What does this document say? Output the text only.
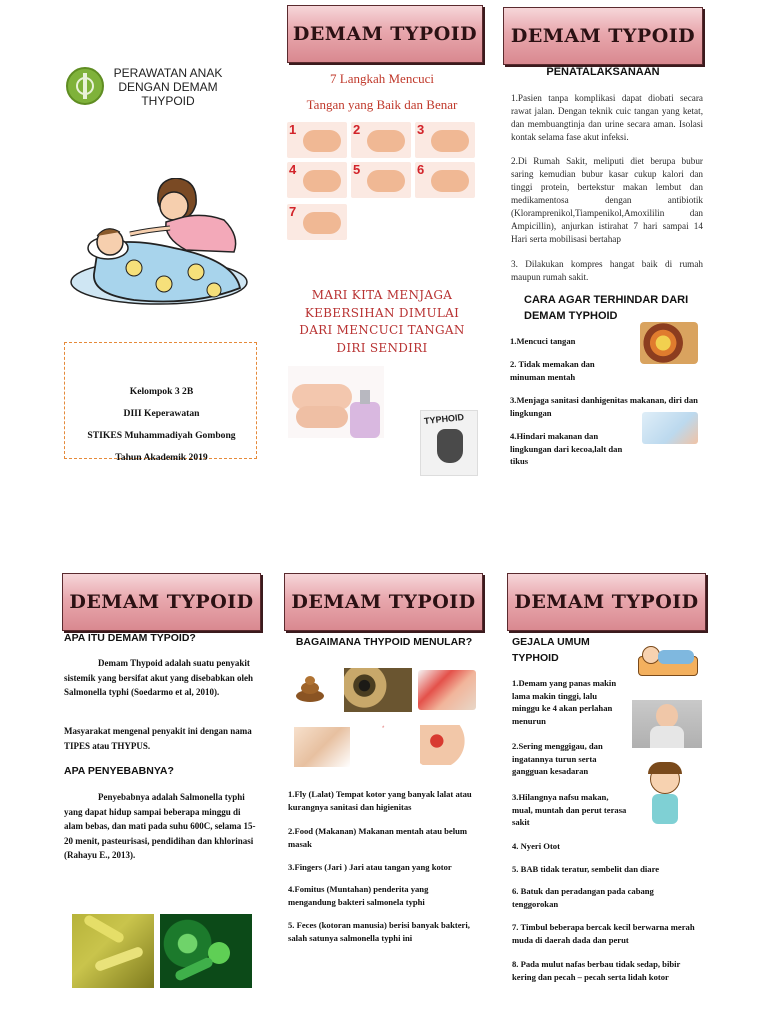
DEMAM TYPOID DEMAM TYPOID
PERAWATAN ANAK
DENGAN DEMAM
THYPOID
Kelompok 3 2B
DIII Keperawatan
STIKES Muhammadiyah Gombong
Tahun Akademik 2019
7 Langkah Mencuci
Tangan yang Baik dan Benar
1	2	3
4	5	6
7
MARI KITA MENJAGA
KEBERSIHAN DIMULAI
DARI MENCUCI TANGAN
DIRI SENDIRI
TYPHOID
PENATALAKSANAAN
1.Pasien tanpa komplikasi dapat diobati secara rawat jalan. Dengan teknik cuic tangan yang ketat, dan membuangtinja dan urine secara aman. Isolasi kontak selama fase akut infeksi.
2.Di Rumah Sakit, meliputi diet berupa bubur saring kemudian bubur kasar cukup kalori dan tinggi protein, bertekstur makan lembut dan medikamentosa dengan antibiotik (Kloramprenikol,Tiampenikol,Amoxililin dan Ampicillin), anjurkan istirahat 7 hari sampai 14 Hari serta mobilisasi bertahap
3. Dilakukan kompres hangat baik di rumah maupun rumah sakit.
CARA AGAR TERHINDAR DARI
DEMAM TYPHOID
1.Mencuci tangan
2. Tidak memakan dan minuman mentah
3.Menjaga sanitasi danhigenitas makanan, diri dan lingkungan
4.Hindari makanan dan lingkungan dari kecoa,lalt dan tikus
DEMAM TYPOID DEMAM TYPOID DEMAM TYPOID
APA ITU DEMAM TYPOID?
Demam Thypoid adalah suatu penyakit sistemik yang bersifat akut yang disebabkan oleh Salmonella typhi (Soedarmo et al, 2010).
Masyarakat mengenal penyakit ini dengan nama TIPES atau THYPUS.
APA PENYEBABNYA?
Penyebabnya adalah Salmonella typhi yang dapat hidup sampai beberapa minggu di alam bebas, dan mati pada suhu 600C, selama 15-20 menit, pasteurisasi, pendidihan dan khlorinasi (Rahayu E., 2013).
BAGAIMANA THYPOID MENULAR?
*
1.Fly (Lalat) Tempat kotor yang banyak lalat atau kurangnya sanitasi dan higienitas
2.Food (Makanan) Makanan mentah atau belum masak
3.Fingers (Jari ) Jari atau tangan yang kotor
4.Fomitus (Muntahan) penderita yang mengandung bakteri salmonela typhi
5. Feces (kotoran manusia) berisi banyak bakteri, salah satunya salmonella typhi ini
GEJALA UMUM
TYPHOID
1.Demam yang panas makin lama makin tinggi, lalu minggu ke 4 akan perlahan menurun
2.Sering menggigau, dan ingatannya turun serta gangguan kesadaran
3.Hilangnya nafsu makan, mual, muntah dan perut terasa sakit
4. Nyeri Otot
5. BAB tidak teratur, sembelit dan diare
6. Batuk dan peradangan pada cabang tenggorokan
7. Timbul beberapa bercak kecil berwarna merah muda di daerah dada dan perut
8. Pada mulut nafas berbau tidak sedap, bibir kering dan pecah – pecah serta lidah kotor
